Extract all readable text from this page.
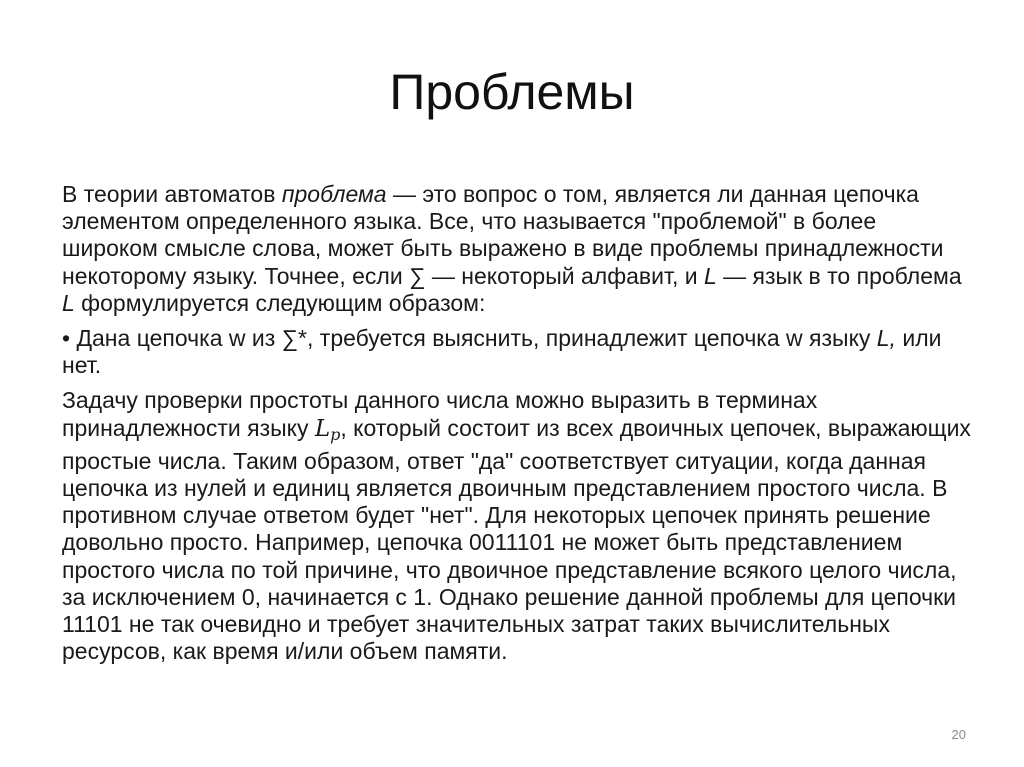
Проблемы

В теории автоматов проблема — это вопрос о том, является ли данная цепочка элементом определенного языка. Все, что называется "проблемой" в более широком смысле слова, может быть выражено в виде проблемы принадлежности некоторому языку. Точнее, если ∑ — некоторый алфавит, и L — язык в то проблема L формулируется следующим образом:

• Дана цепочка w из ∑*, требуется выяснить, принадлежит цепочка w языку L, или нет.

Задачу проверки простоты данного числа можно выразить в терминах принадлежности языку Lp, который состоит из всех двоичных цепочек, выражающих простые числа. Таким образом, ответ "да" соответствует ситуации, когда данная цепочка из нулей и единиц является двоичным представлением простого числа. В противном случае ответом будет "нет". Для некоторых цепочек принять решение довольно просто. Например, цепочка 0011101 не может быть представлением простого числа по той причине, что двоичное представление всякого целого числа, за исключением 0, начинается с 1. Однако решение данной проблемы для цепочки 11101 не так очевидно и требует значительных затрат таких вычислительных ресурсов, как время и/или объем памяти.

20
